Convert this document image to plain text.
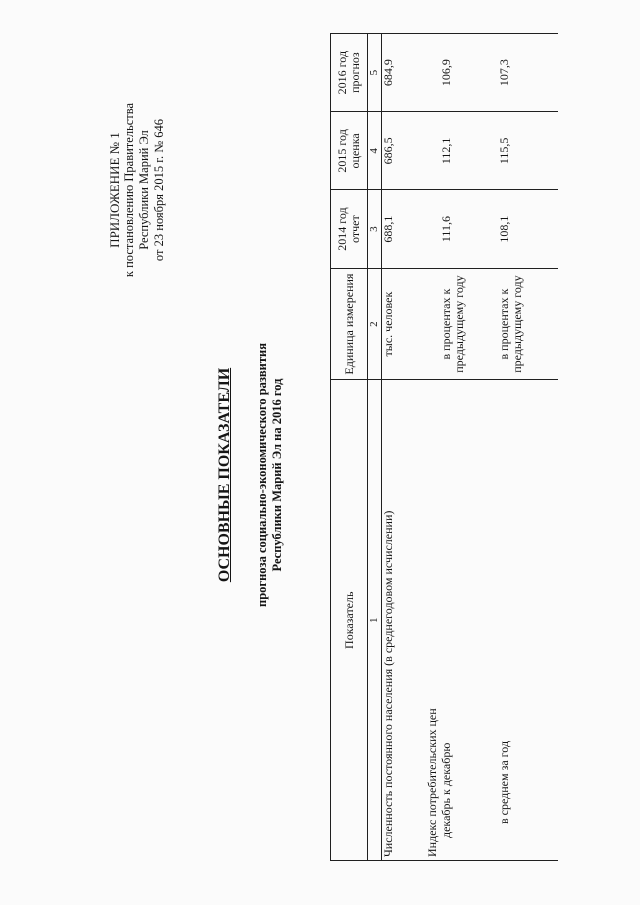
ПРИЛОЖЕНИЕ № 1 к постановлению Правительства Республики Марий Эл от 23 ноября 2015 г. № 646
ОСНОВНЫЕ ПОКАЗАТЕЛИ прогноза социально-экономического развития Республики Марий Эл на 2016 год
Показатель	Единица измерения	2014 год отчет	2015 год оценка	2016 год прогноз
1	2	3	4	5
Численность постоянного населения (в среднегодовом исчислении)	тыс. человек	688,1	686,5	684,9
Индекс потребительских цен				
декабрь к декабрю	в процентах к предыдущему году	111,6	112,1	106,9
в среднем за год	в процентах к предыдущему году	108,1	115,5	107,3
